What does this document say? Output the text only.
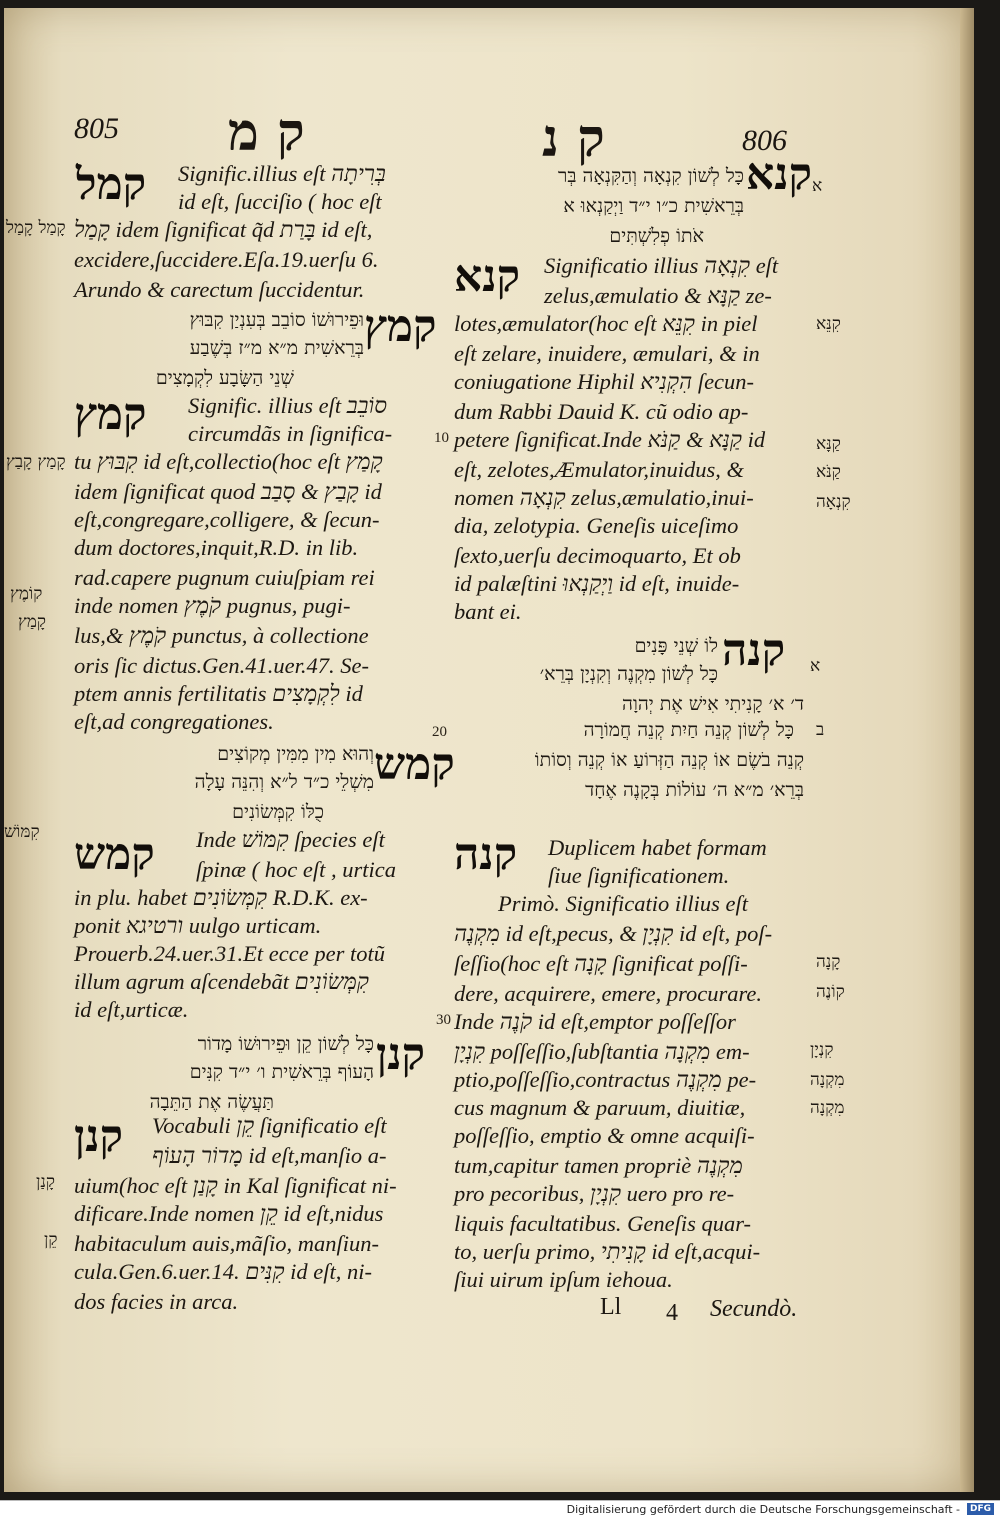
805 ק מ	ק נ	806
קמל Signific.illius eſt בְּרִיתָה
id eſt, ſucciſio ( hoc eſt
קָמַל idem ſignificat q̃d בָּרַת id eſt,
excidere,ſuccidere.Eſa.19.uerſu 6.
Arundo & carectum ſuccidentur.
וּפֵירוּשׁוֹ סוֹבֵב בְּעִנְיַן קִבּוּץ קמץ
בְּרֵאשִׁית מ״א מ״ז בְּשֶׁבַע
שְׁנֵי הַשָּׂבָע לִקְמָצִים
קמץ Signific. illius eſt סוֹבֵב
circumdãs in ſignifica-
tu קִבּוּץ id eſt,collectio(hoc eſt קָמַץ
idem ſignificat quod קָבַץ & סָבַב id
eſt,congregare,colligere, & ſecun-
dum doctores,inquit,R.D. in lib.
rad.capere pugnum cuiuſpiam rei
inde nomen קֹמֶץ pugnus, pugi-
lus,& קֹמֶץ punctus, à collectione
oris ſic dictus.Gen.41.uer.47. Se-
ptem annis fertilitatis לִקְמָצִים id
eſt,ad congregationes.
וְהוּא מִין מִמִּין מְקוֹצִים קמש
מִשְׁלֵי כ״ד ל״א וְהִנֵּה עָלָה
כֻלּוֹ קִמְּשׂוֹנִים
קמש Inde קִמּוֹשׁ ſpecies eſt
ſpinæ ( hoc eſt , urtica
in plu. habet קִמְּשׂוֹנִים R.D.K. ex-
ponit ורטיגא uulgo urticam.
Prouerb.24.uer.31.Et ecce per totũ
illum agrum aſcendebãt קִמְּשׂוֹנִים
id eſt,urticæ.
כָּל לְשׁוֹן קֵן וּפֵירוּשׁוֹ מָדוֹר קנן
הָעוֹף בְּרֵאשִׁית ו׳ י״ד קִנִּים
תַּעֲשֶׂה אֶת הַתֵּבָה
קנן Vocabuli קֵן ſignificatio eſt
מָדוֹר הָעוֹף id eſt,manſio a-
uium(hoc eſt קָנַן in Kal ſignificat ni-
dificare.Inde nomen קֵן id eſt,nidus
habitaculum auis,mãſio, manſiun-
cula.Gen.6.uer.14. קִנִּים id eſt, ni-
dos facies in arca.
קָמַל קָמַל
קָמַץ קָבַץ
קוֹמֶץ
קָמַץ
קִמּוֹשׁ
קָנַן
קֵן
10
20
30
כָּל לְשׁוֹן קִנְאָה וְהַקִּנְאָה בְּר קנא
בְּרֵאשִׁית כ״ו י״ד וַיְקַנְאוּ א
אֹתוֹ פְלִשְׁתִּים
קנא Significatio illius קִנְאָה eſt
zelus,æmulatio & קַנָּא ze-
lotes,æmulator(hoc eſt קִנֵּא in piel
eſt zelare, inuidere, æmulari, & in
coniugatione Hiphil הִקְנִיא ſecun-
dum Rabbi Dauid K. cũ odio ap-
petere ſignificat.Inde קַנָּא & קַנֹּא id
eſt, zelotes,Æmulator,inuidus, &
nomen קִנְאָה zelus,æmulatio,inui-
dia, zelotypia. Geneſis uiceſimo
ſexto,uerſu decimoquarto, Et ob
id palæſtini וַיְקַנְאוּ id eſt, inuide-
bant ei.
לוֹ שְׁנֵי פָּנִים קנה
כָּל לְשׁוֹן מִקְנֶה וְקִנְיָן בְּרֵא׳
ד׳ א׳ קָנִיתִי אִישׁ אֶת יְהוָה
כָּל לְשׁוֹן קְנֵה חַיִת קְנֵה חֲמוֹרָה
קְנֵה בֹשֶׂם אוֹ קְנֵה הַזְּרוֹעַ אוֹ קְנֵה וְסוֹתוֹ
בְּרֵא׳ מ״א ה׳ עוֹלוֹת בְּקָנֶה אֶחָד
קנה Duplicem habet formam
ſiue ſignificationem.
Primò. Significatio illius eſt
מִקְנֶה id eſt,pecus, & קִנְיָן id eſt, poſ-
ſeſſio(hoc eſt קָנָה ſignificat poſſi-
dere, acquirere, emere, procurare.
Inde קֹנֶה id eſt,emptor poſſeſſor
קִנְיָן poſſeſſio,ſubſtantia מִקְנָה em-
ptio,poſſeſſio,contractus מִקְנֶה pe-
cus magnum & paruum, diuitiæ,
poſſeſſio, emptio & omne acquiſi-
tum,capitur tamen propriè מִקְנֶה
pro pecoribus, קִנְיָן uero pro re-
liquis facultatibus. Geneſis quar-
to, uerſu primo, קָנִיתִי id eſt,acqui-
ſiui uirum ipſum iehoua.
קִנֵּא
קַנָּא
קַנֹּא
קִנְאָה
קָנָה
קוֹנֶה
קִנְיָן
מִקְנָה
מִקְנָה
א
א
ב
Ll 4 Secundò.
Digitalisierung gefördert durch die Deutsche Forschungsgemeinschaft -	DFG
